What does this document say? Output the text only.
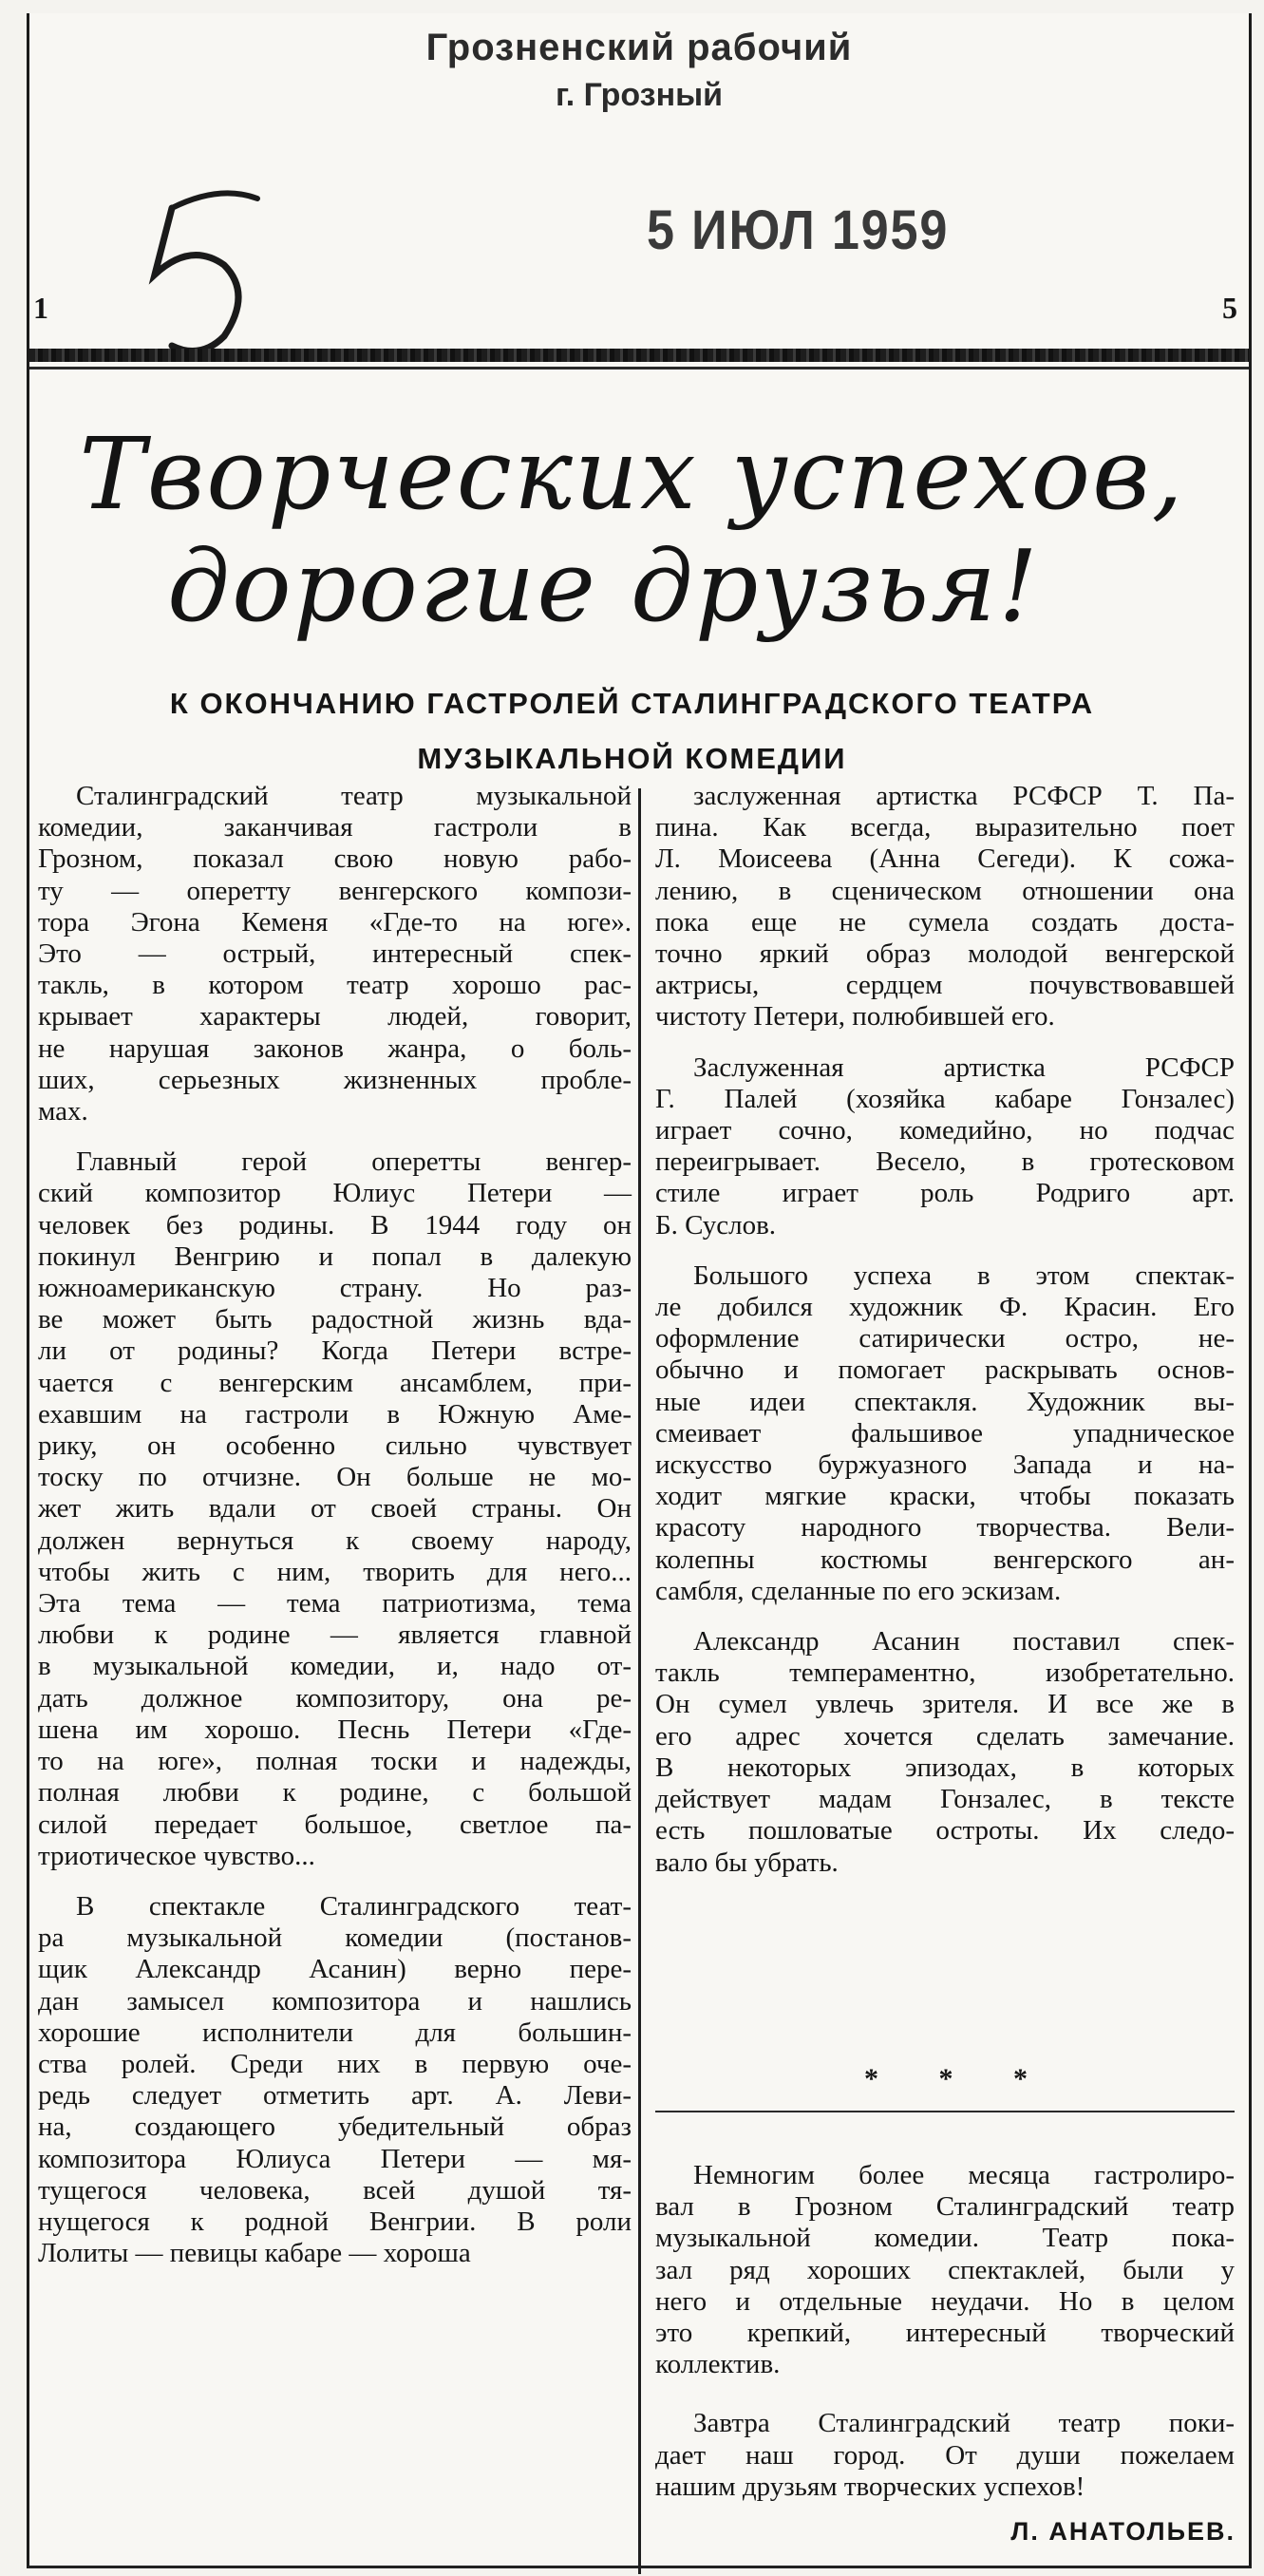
Грозненский рабочий
г. Грозный
5 ИЮЛ 1959
1	5
Творческих успехов,
дорогие друзья!
К ОКОНЧАНИЮ ГАСТРОЛЕЙ СТАЛИНГРАДСКОГО ТЕАТРА
МУЗЫКАЛЬНОЙ КОМЕДИИ

Сталинградский театр музыкальной
комедии, заканчивая гастроли в
Грозном, показал свою новую рабо-
ту — оперетту венгерского компози-
тора Эгона Кеменя «Где-то на юге».
Это — острый, интересный спек-
такль, в котором театр хорошо рас-
крывает характеры людей, говорит,
не нарушая законов жанра, о боль-
ших, серьезных жизненных пробле-
мах.

Главный герой оперетты венгер-
ский композитор Юлиус Петери —
человек без родины. В 1944 году он
покинул Венгрию и попал в далекую
южноамериканскую страну. Но раз-
ве может быть радостной жизнь вда-
ли от родины? Когда Петери встре-
чается с венгерским ансамблем, при-
ехавшим на гастроли в Южную Аме-
рику, он особенно сильно чувствует
тоску по отчизне. Он больше не мо-
жет жить вдали от своей страны. Он
должен вернуться к своему народу,
чтобы жить с ним, творить для него...
Эта тема — тема патриотизма, тема
любви к родине — является главной
в музыкальной комедии, и, надо от-
дать должное композитору, она ре-
шена им хорошо. Песнь Петери «Где-
то на юге», полная тоски и надежды,
полная любви к родине, с большой
силой передает большое, светлое па-
триотическое чувство...

В спектакле Сталинградского теат-
ра музыкальной комедии (постанов-
щик Александр Асанин) верно пере-
дан замысел композитора и нашлись
хорошие исполнители для большин-
ства ролей. Среди них в первую оче-
редь следует отметить арт. А. Леви-
на, создающего убедительный образ
композитора Юлиуса Петери — мя-
тущегося человека, всей душой тя-
нущегося к родной Венгрии. В роли
Лолиты — певицы кабаре — хороша

заслуженная артистка РСФСР Т. Па-
пина. Как всегда, выразительно поет
Л. Моисеева (Анна Сегеди). К сожа-
лению, в сценическом отношении она
пока еще не сумела создать доста-
точно яркий образ молодой венгерской
актрисы, сердцем почувствовавшей
чистоту Петери, полюбившей его.

Заслуженная артистка РСФСР
Г. Палей (хозяйка кабаре Гонзалес)
играет сочно, комедийно, но подчас
переигрывает. Весело, в гротесковом
стиле играет роль Родриго арт.
Б. Суслов.

Большого успеха в этом спектак-
ле добился художник Ф. Красин. Его
оформление сатирически остро, не-
обычно и помогает раскрывать основ-
ные идеи спектакля. Художник вы-
смеивает фальшивое упадническое
искусство буржуазного Запада и на-
ходит мягкие краски, чтобы показать
красоту народного творчества. Вели-
колепны костюмы венгерского ан-
самбля, сделанные по его эскизам.

Александр Асанин поставил спек-
такль темпераментно, изобретательно.
Он сумел увлечь зрителя. И все же в
его адрес хочется сделать замечание.
В некоторых эпизодах, в которых
действует мадам Гонзалес, в тексте
есть пошловатые остроты. Их следо-
вало бы убрать.

* * *

Немногим более месяца гастролиро-
вал в Грозном Сталинградский театр
музыкальной комедии. Театр пока-
зал ряд хороших спектаклей, были у
него и отдельные неудачи. Но в целом
это крепкий, интересный творческий
коллектив.

Завтра Сталинградский театр поки-
дает наш город. От души пожелаем
нашим друзьям творческих успехов!

Л. АНАТОЛЬЕВ.
